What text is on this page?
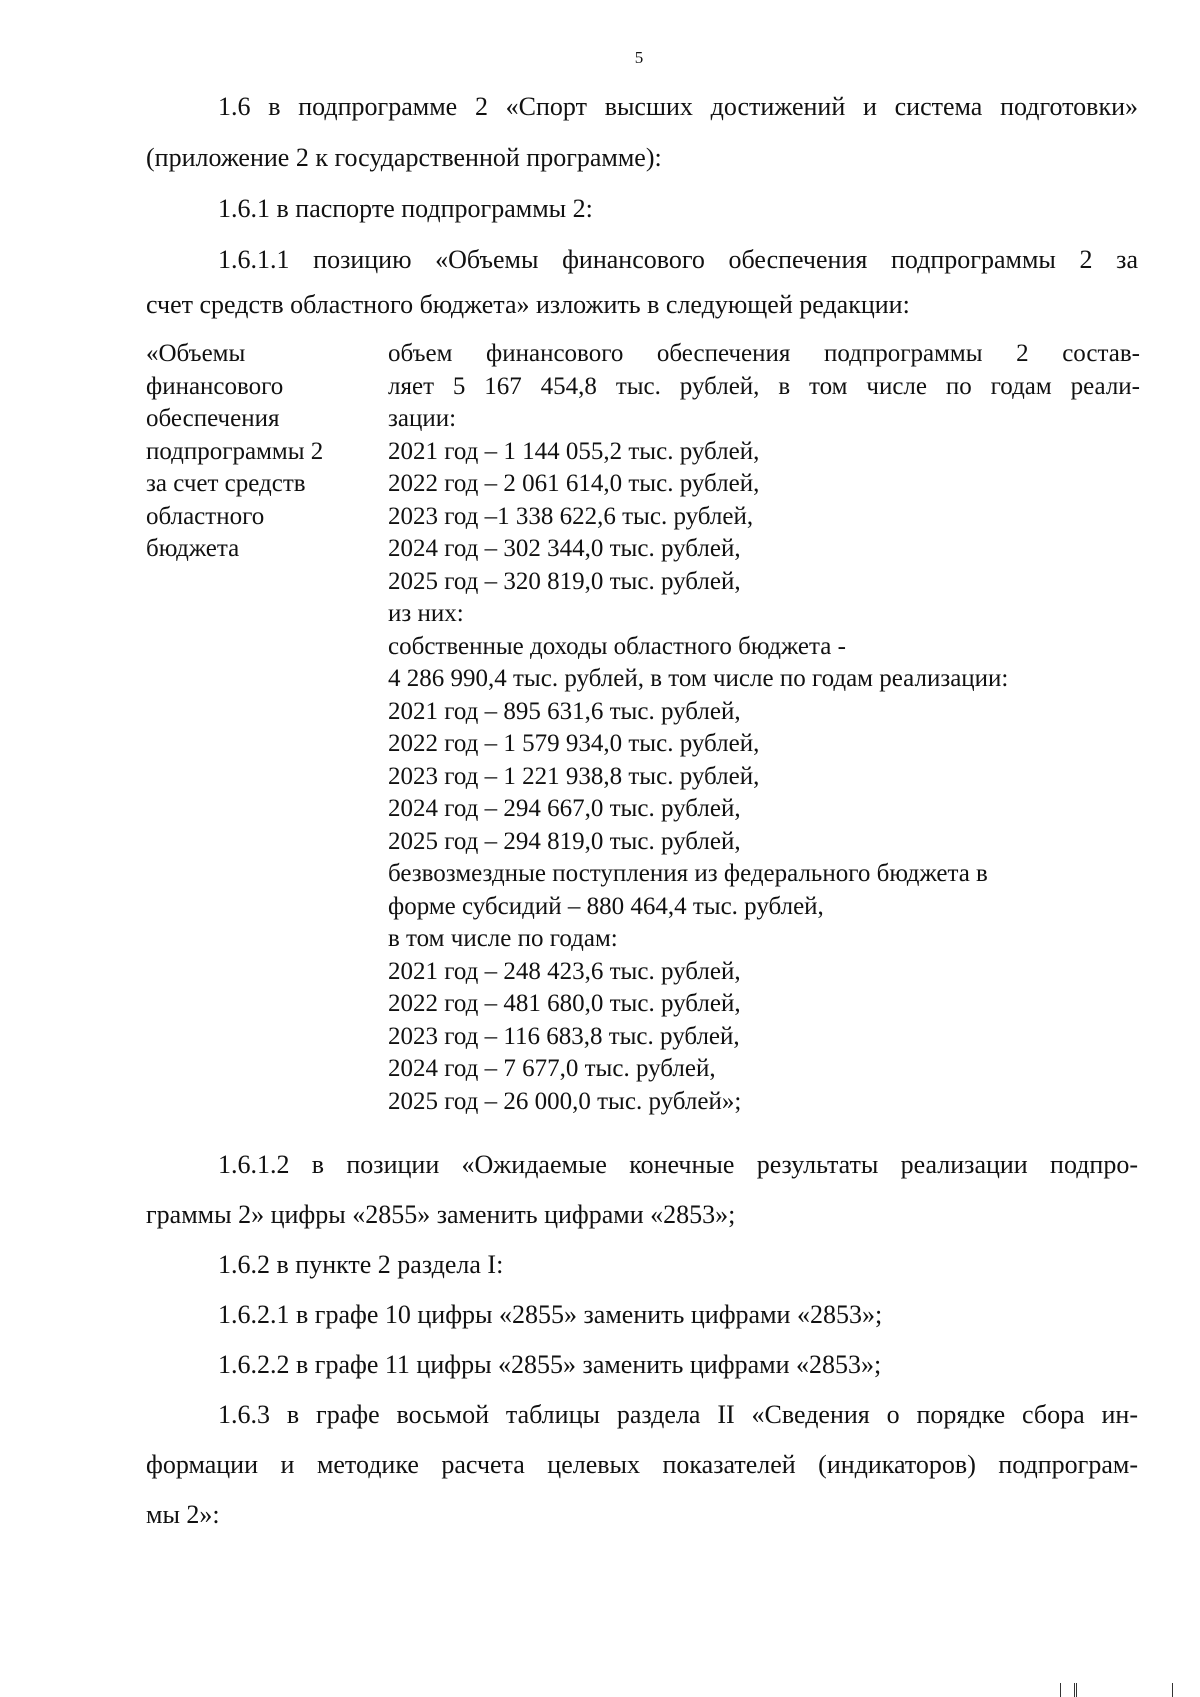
5
1.6 в подпрограмме 2 «Спорт высших достижений и система подготовки»
(приложение 2 к государственной программе):
1.6.1 в паспорте подпрограммы 2:
1.6.1.1 позицию «Объемы финансового обеспечения подпрограммы 2 за
счет средств областного бюджета» изложить в следующей редакции:
«Объемы
финансового
обеспечения
подпрограммы 2
за счет средств
областного
бюджета
объем финансового обеспечения подпрограммы 2 состав-
ляет 5 167 454,8 тыс. рублей, в том числе по годам реали-
зации:
2021 год – 1 144 055,2 тыс. рублей,
2022 год – 2 061 614,0 тыс. рублей,
2023 год –1 338 622,6 тыс. рублей,
2024 год – 302 344,0 тыс. рублей,
2025 год – 320 819,0 тыс. рублей,
из них:
собственные доходы областного бюджета -
4 286 990,4 тыс. рублей, в том числе по годам реализации:
2021 год – 895 631,6 тыс. рублей,
2022 год – 1 579 934,0 тыс. рублей,
2023 год – 1 221 938,8 тыс. рублей,
2024 год – 294 667,0 тыс. рублей,
2025 год – 294 819,0 тыс. рублей,
безвозмездные поступления из федерального бюджета в
форме субсидий – 880 464,4 тыс. рублей,
в том числе по годам:
2021 год – 248 423,6 тыс. рублей,
2022 год – 481 680,0 тыс. рублей,
2023 год – 116 683,8 тыс. рублей,
2024 год – 7 677,0 тыс. рублей,
2025 год – 26 000,0 тыс. рублей»;
1.6.1.2 в позиции «Ожидаемые конечные результаты реализации подпро-
граммы 2» цифры «2855» заменить цифрами «2853»;
1.6.2 в пункте 2 раздела I:
1.6.2.1 в графе 10 цифры «2855» заменить цифрами «2853»;
1.6.2.2 в графе 11 цифры «2855» заменить цифрами «2853»;
1.6.3 в графе восьмой таблицы раздела II «Сведения о порядке сбора ин-
формации и методике расчета целевых показателей (индикаторов) подпрограм-
мы 2»:
